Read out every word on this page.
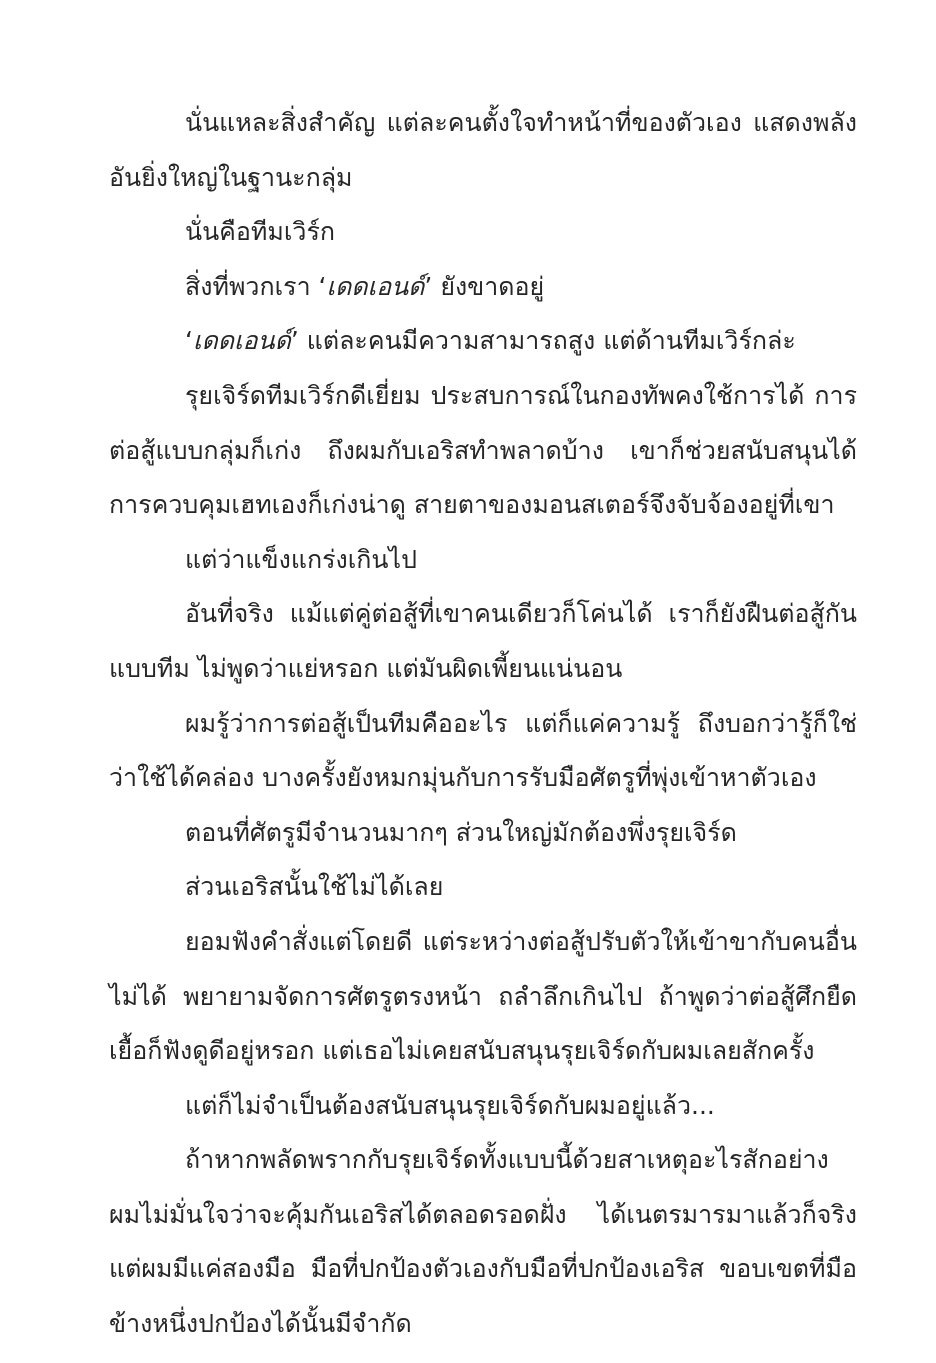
นั่นแหละสิ่งสำคัญ แต่ละคนตั้งใจทำหน้าที่ของตัวเอง แสดงพลังอันยิ่งใหญ่ในฐานะกลุ่ม

นั่นคือทีมเวิร์ก

สิ่งที่พวกเรา ‘เดดเอนด์’ ยังขาดอยู่

‘เดดเอนด์’ แต่ละคนมีความสามารถสูง แต่ด้านทีมเวิร์กล่ะ

รุยเจิร์ดทีมเวิร์กดีเยี่ยม ประสบการณ์ในกองทัพคงใช้การได้ การต่อสู้แบบกลุ่มก็เก่ง ถึงผมกับเอริสทำพลาดบ้าง เขาก็ช่วยสนับสนุนได้ การควบคุมเฮทเองก็เก่งน่าดู สายตาของมอนสเตอร์จึงจับจ้องอยู่ที่เขา

แต่ว่าแข็งแกร่งเกินไป

อันที่จริง แม้แต่คู่ต่อสู้ที่เขาคนเดียวก็โค่นได้ เราก็ยังฝืนต่อสู้กันแบบทีม ไม่พูดว่าแย่หรอก แต่มันผิดเพี้ยนแน่นอน

ผมรู้ว่าการต่อสู้เป็นทีมคืออะไร แต่ก็แค่ความรู้ ถึงบอกว่ารู้ก็ใช่ว่าใช้ได้คล่อง บางครั้งยังหมกมุ่นกับการรับมือศัตรูที่พุ่งเข้าหาตัวเอง

ตอนที่ศัตรูมีจำนวนมากๆ ส่วนใหญ่มักต้องพึ่งรุยเจิร์ด

ส่วนเอริสนั้นใช้ไม่ได้เลย

ยอมฟังคำสั่งแต่โดยดี แต่ระหว่างต่อสู้ปรับตัวให้เข้าขากับคนอื่นไม่ได้ พยายามจัดการศัตรูตรงหน้า ถลำลึกเกินไป ถ้าพูดว่าต่อสู้ศึกยืดเยื้อก็ฟังดูดีอยู่หรอก แต่เธอไม่เคยสนับสนุนรุยเจิร์ดกับผมเลยสักครั้ง

แต่ก็ไม่จำเป็นต้องสนับสนุนรุยเจิร์ดกับผมอยู่แล้ว...

ถ้าหากพลัดพรากกับรุยเจิร์ดทั้งแบบนี้ด้วยสาเหตุอะไรสักอย่าง ผมไม่มั่นใจว่าจะคุ้มกันเอริสได้ตลอดรอดฝั่ง ได้เนตรมารมาแล้วก็จริง แต่ผมมีแค่สองมือ มือที่ปกป้องตัวเองกับมือที่ปกป้องเอริส ขอบเขตที่มือข้างหนึ่งปกป้องได้นั้นมีจำกัด
